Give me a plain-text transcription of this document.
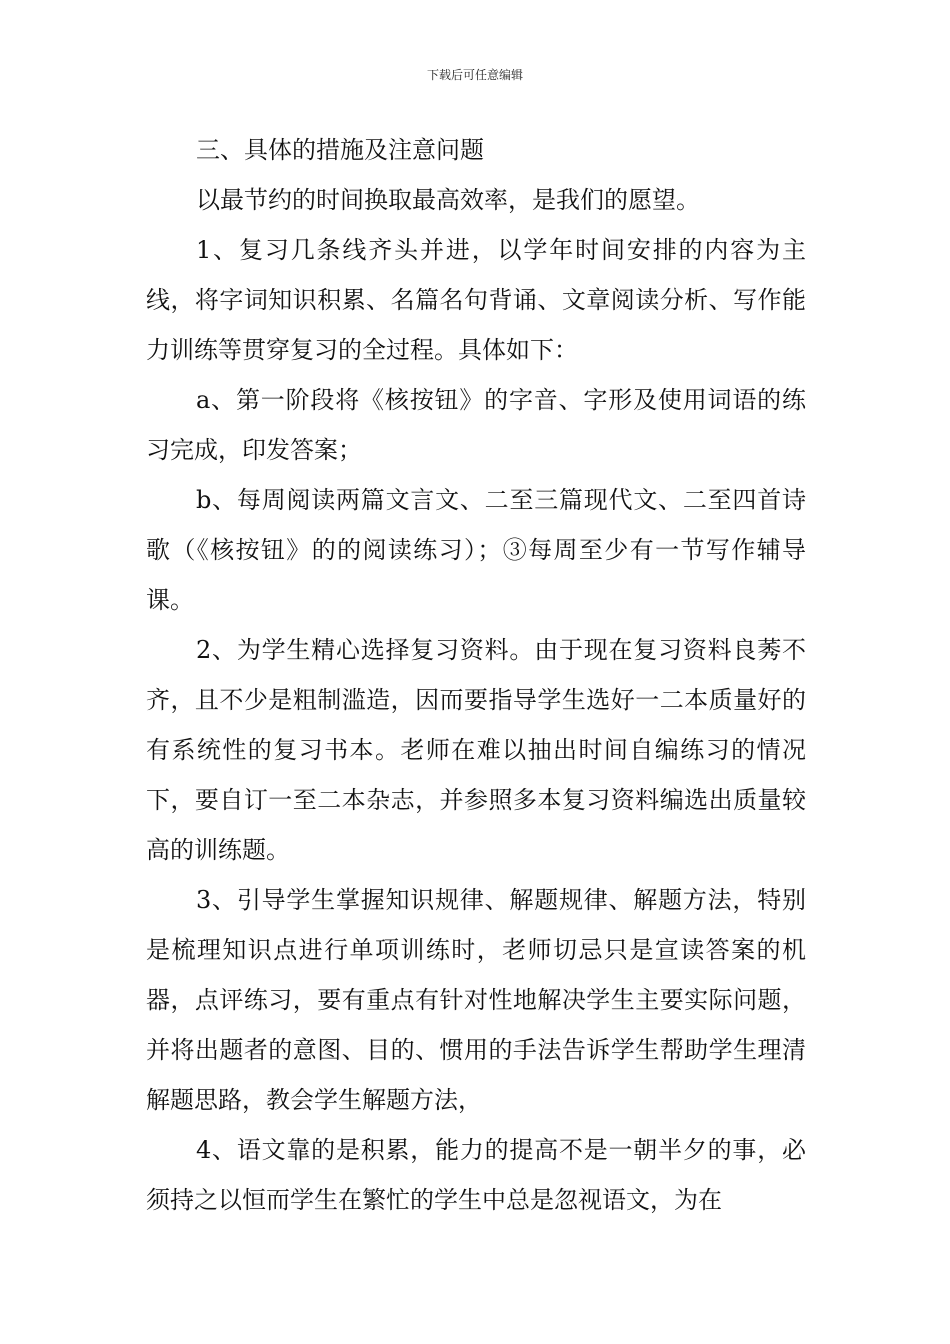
下载后可任意编辑

三、具体的措施及注意问题

以最节约的时间换取最高效率，是我们的愿望。

1、复习几条线齐头并进，以学年时间安排的内容为主线，将字词知识积累、名篇名句背诵、文章阅读分析、写作能力训练等贯穿复习的全过程。具体如下：

a、第一阶段将《核按钮》的字音、字形及使用词语的练习完成，印发答案；

b、每周阅读两篇文言文、二至三篇现代文、二至四首诗歌（《核按钮》的的阅读练习）；③每周至少有一节写作辅导课。

2、为学生精心选择复习资料。由于现在复习资料良莠不齐，且不少是粗制滥造，因而要指导学生选好一二本质量好的有系统性的复习书本。老师在难以抽出时间自编练习的情况下，要自订一至二本杂志，并参照多本复习资料编选出质量较高的训练题。

3、引导学生掌握知识规律、解题规律、解题方法，特别是梳理知识点进行单项训练时，老师切忌只是宣读答案的机器，点评练习，要有重点有针对性地解决学生主要实际问题，并将出题者的意图、目的、惯用的手法告诉学生帮助学生理清解题思路，教会学生解题方法，

4、语文靠的是积累，能力的提高不是一朝半夕的事，必须持之以恒而学生在繁忙的学生中总是忽视语文，为在
